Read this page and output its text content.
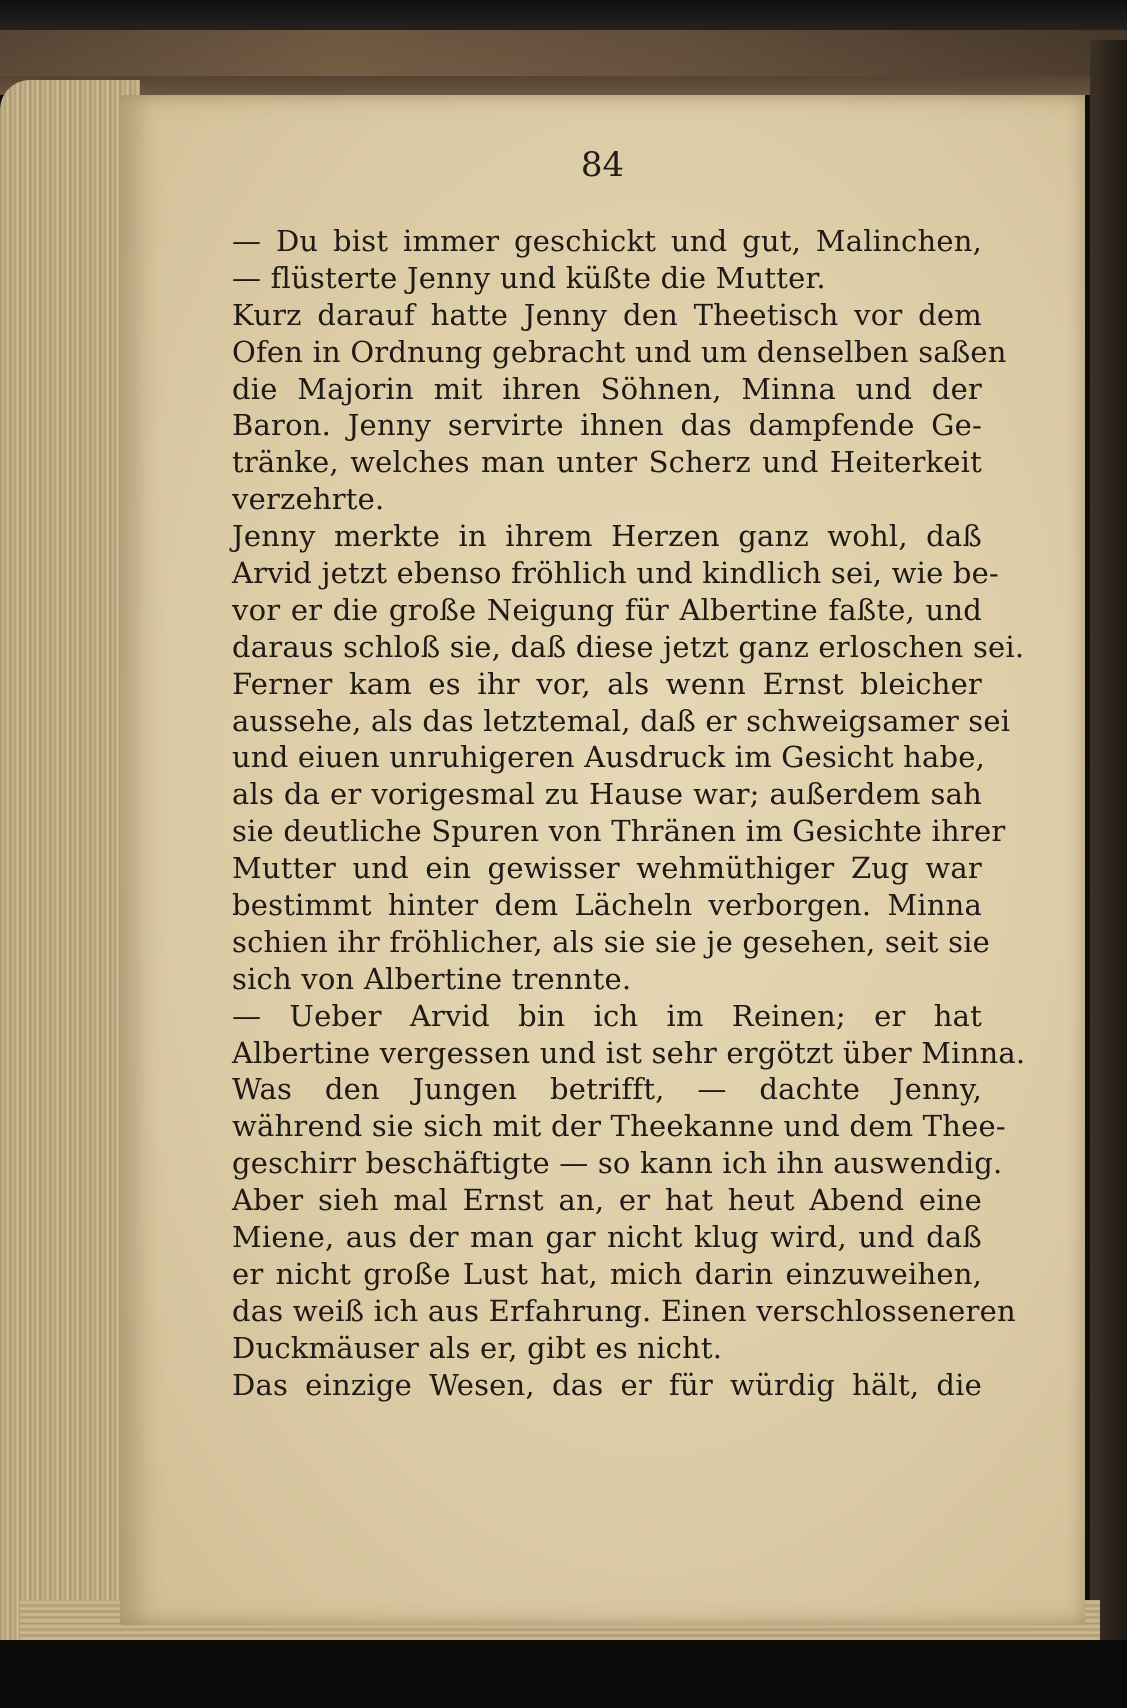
84
— Du bist immer geschickt und gut, Malinchen,
— flüsterte Jenny und küßte die Mutter.
Kurz darauf hatte Jenny den Theetisch vor dem
Ofen in Ordnung gebracht und um denselben saßen
die Majorin mit ihren Söhnen, Minna und der
Baron. Jenny servirte ihnen das dampfende Ge-
tränke, welches man unter Scherz und Heiterkeit
verzehrte.
Jenny merkte in ihrem Herzen ganz wohl, daß
Arvid jetzt ebenso fröhlich und kindlich sei, wie be-
vor er die große Neigung für Albertine faßte, und
daraus schloß sie, daß diese jetzt ganz erloschen sei.
Ferner kam es ihr vor, als wenn Ernst bleicher
aussehe, als das letztemal, daß er schweigsamer sei
und eiuen unruhigeren Ausdruck im Gesicht habe,
als da er vorigesmal zu Hause war; außerdem sah
sie deutliche Spuren von Thränen im Gesichte ihrer
Mutter und ein gewisser wehmüthiger Zug war
bestimmt hinter dem Lächeln verborgen. Minna
schien ihr fröhlicher, als sie sie je gesehen, seit sie
sich von Albertine trennte.
— Ueber Arvid bin ich im Reinen; er hat
Albertine vergessen und ist sehr ergötzt über Minna.
Was den Jungen betrifft, — dachte Jenny,
während sie sich mit der Theekanne und dem Thee-
geschirr beschäftigte — so kann ich ihn auswendig.
Aber sieh mal Ernst an, er hat heut Abend eine
Miene, aus der man gar nicht klug wird, und daß
er nicht große Lust hat, mich darin einzuweihen,
das weiß ich aus Erfahrung. Einen verschlosseneren
Duckmäuser als er, gibt es nicht.
Das einzige Wesen, das er für würdig hält, die
